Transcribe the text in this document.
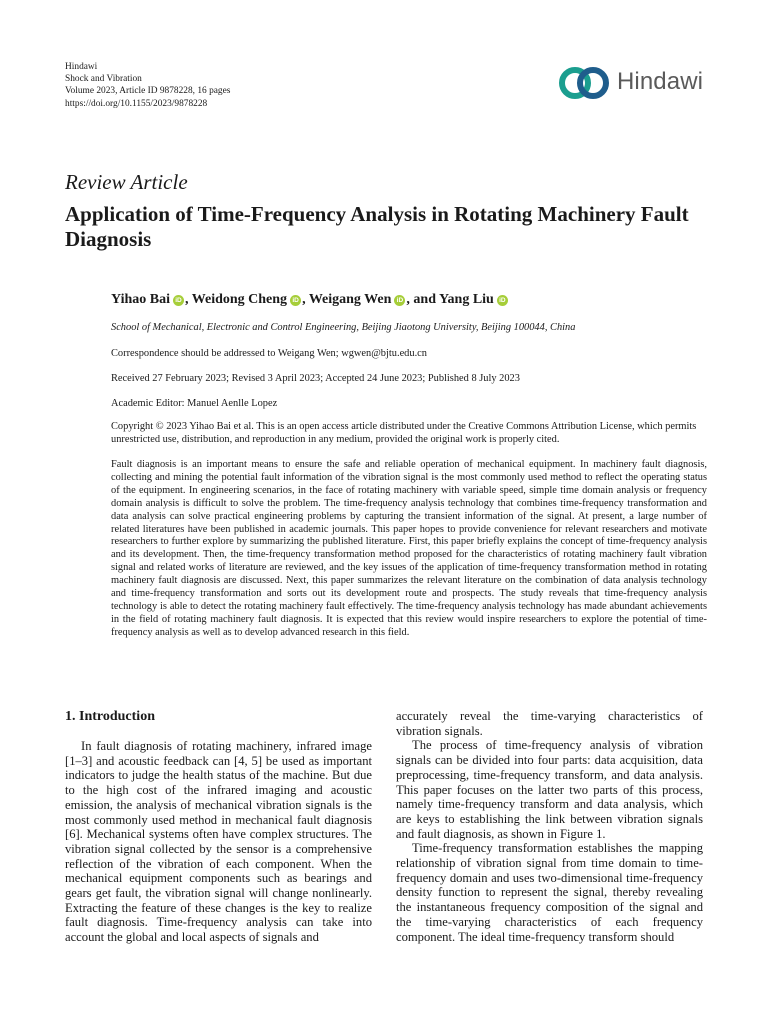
Hindawi
Shock and Vibration
Volume 2023, Article ID 9878228, 16 pages
https://doi.org/10.1155/2023/9878228
Hindawi
Review Article
Application of Time-Frequency Analysis in Rotating Machinery Fault Diagnosis
Yihao Bai iD , Weidong Cheng iD , Weigang Wen iD , and Yang Liu iD
School of Mechanical, Electronic and Control Engineering, Beijing Jiaotong University, Beijing 100044, China
Correspondence should be addressed to Weigang Wen; wgwen@bjtu.edu.cn
Received 27 February 2023; Revised 3 April 2023; Accepted 24 June 2023; Published 8 July 2023
Academic Editor: Manuel Aenlle Lopez
Copyright © 2023 Yihao Bai et al. This is an open access article distributed under the Creative Commons Attribution License, which permits unrestricted use, distribution, and reproduction in any medium, provided the original work is properly cited.
Fault diagnosis is an important means to ensure the safe and reliable operation of mechanical equipment. In machinery fault diagnosis, collecting and mining the potential fault information of the vibration signal is the most commonly used method to reflect the operating status of the equipment. In engineering scenarios, in the face of rotating machinery with variable speed, simple time domain analysis or frequency domain analysis is difficult to solve the problem. The time-frequency analysis technology that combines time-frequency transformation and data analysis can solve practical engineering problems by capturing the transient information of the signal. At present, a large number of related literatures have been published in academic journals. This paper hopes to provide convenience for relevant researchers and motivate researchers to further explore by summarizing the published literature. First, this paper briefly explains the concept of time-frequency analysis and its development. Then, the time-frequency transformation method proposed for the characteristics of rotating machinery fault vibration signal and related works of literature are reviewed, and the key issues of the application of time-frequency transformation method in rotating machinery fault diagnosis are discussed. Next, this paper summarizes the relevant literature on the combination of data analysis technology and time-frequency transformation and sorts out its development route and prospects. The study reveals that time-frequency analysis technology is able to detect the rotating machinery fault effectively. The time-frequency analysis technology has made abundant achievements in the field of rotating machinery fault diagnosis. It is expected that this review would inspire researchers to explore the potential of time-frequency analysis as well as to develop advanced research in this field.
1. Introduction

In fault diagnosis of rotating machinery, infrared image [1–3] and acoustic feedback can [4, 5] be used as important indicators to judge the health status of the machine. But due to the high cost of the infrared imaging and acoustic emission, the analysis of mechanical vibration signals is the most commonly used method in mechanical fault diagnosis [6]. Mechanical systems often have complex structures. The vibration signal collected by the sensor is a comprehensive reflection of the vibration of each component. When the mechanical equipment components such as bearings and gears get fault, the vibration signal will change nonlinearly. Extracting the feature of these changes is the key to realize fault diagnosis. Time-frequency analysis can take into account the global and local aspects of signals and

accurately reveal the time-varying characteristics of vibration signals.

The process of time-frequency analysis of vibration signals can be divided into four parts: data acquisition, data preprocessing, time-frequency transform, and data analysis. This paper focuses on the latter two parts of this process, namely time-frequency transform and data analysis, which are keys to establishing the link between vibration signals and fault diagnosis, as shown in Figure 1.

Time-frequency transformation establishes the mapping relationship of vibration signal from time domain to time-frequency domain and uses two-dimensional time-frequency density function to represent the signal, thereby revealing the instantaneous frequency composition of the signal and the time-varying characteristics of each frequency component. The ideal time-frequency transform should
